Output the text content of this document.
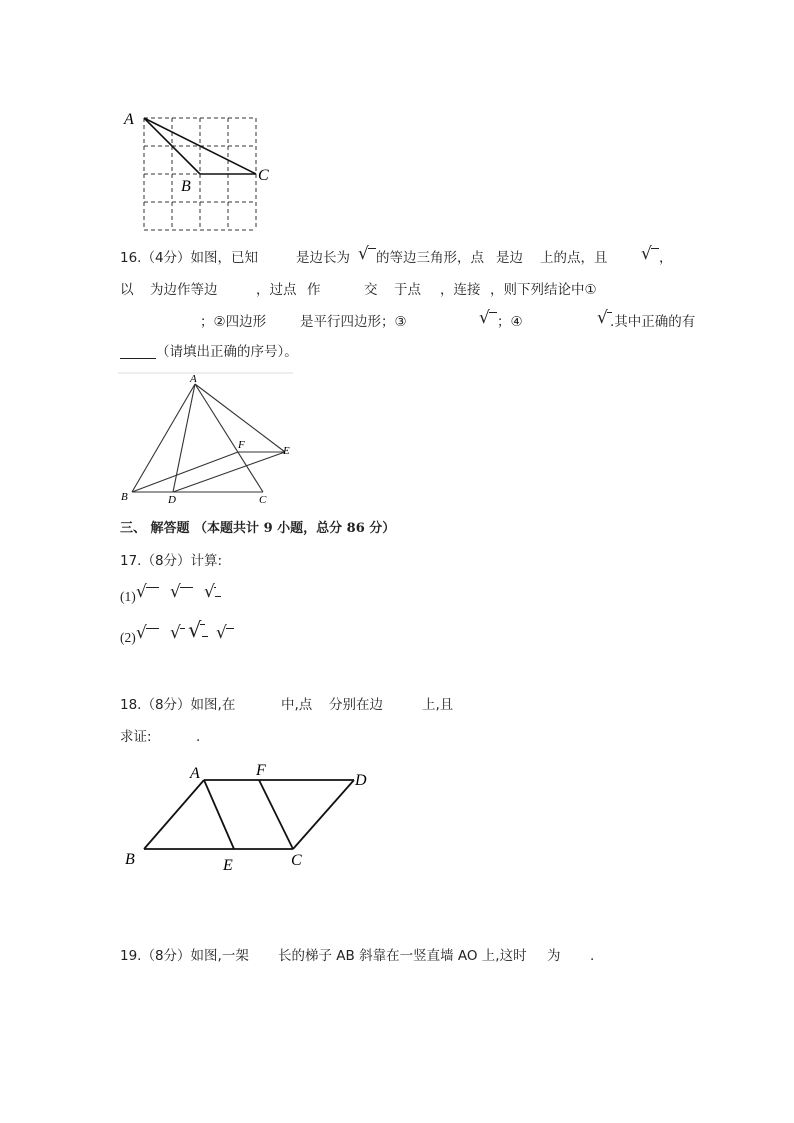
A
B
C
16.（4分）如图，已知	是边长为 √ 的等边三角形，点 是边 上的点，且 √ ，
以 为边作等边	，过点 作	交 于点 ，连接 ，则下列结论中①
；②四边形	是平行四边形；③	√ ；④	√ .其中正确的有
（请填出正确的序号）。
A
B	D	C
F	E
三、 解答题 （本题共计 9 小题，总分 86 分）
17.（8分）计算:
(1) √ √ √
(2) √ √ √ √
18.（8分）如图,在	中,点 分别在边	上,且
求证:	.
A	F
D
B	E	C
19.（8分）如图,一架 长的梯子 AB 斜靠在一竖直墙 AO 上,这时 为 .
